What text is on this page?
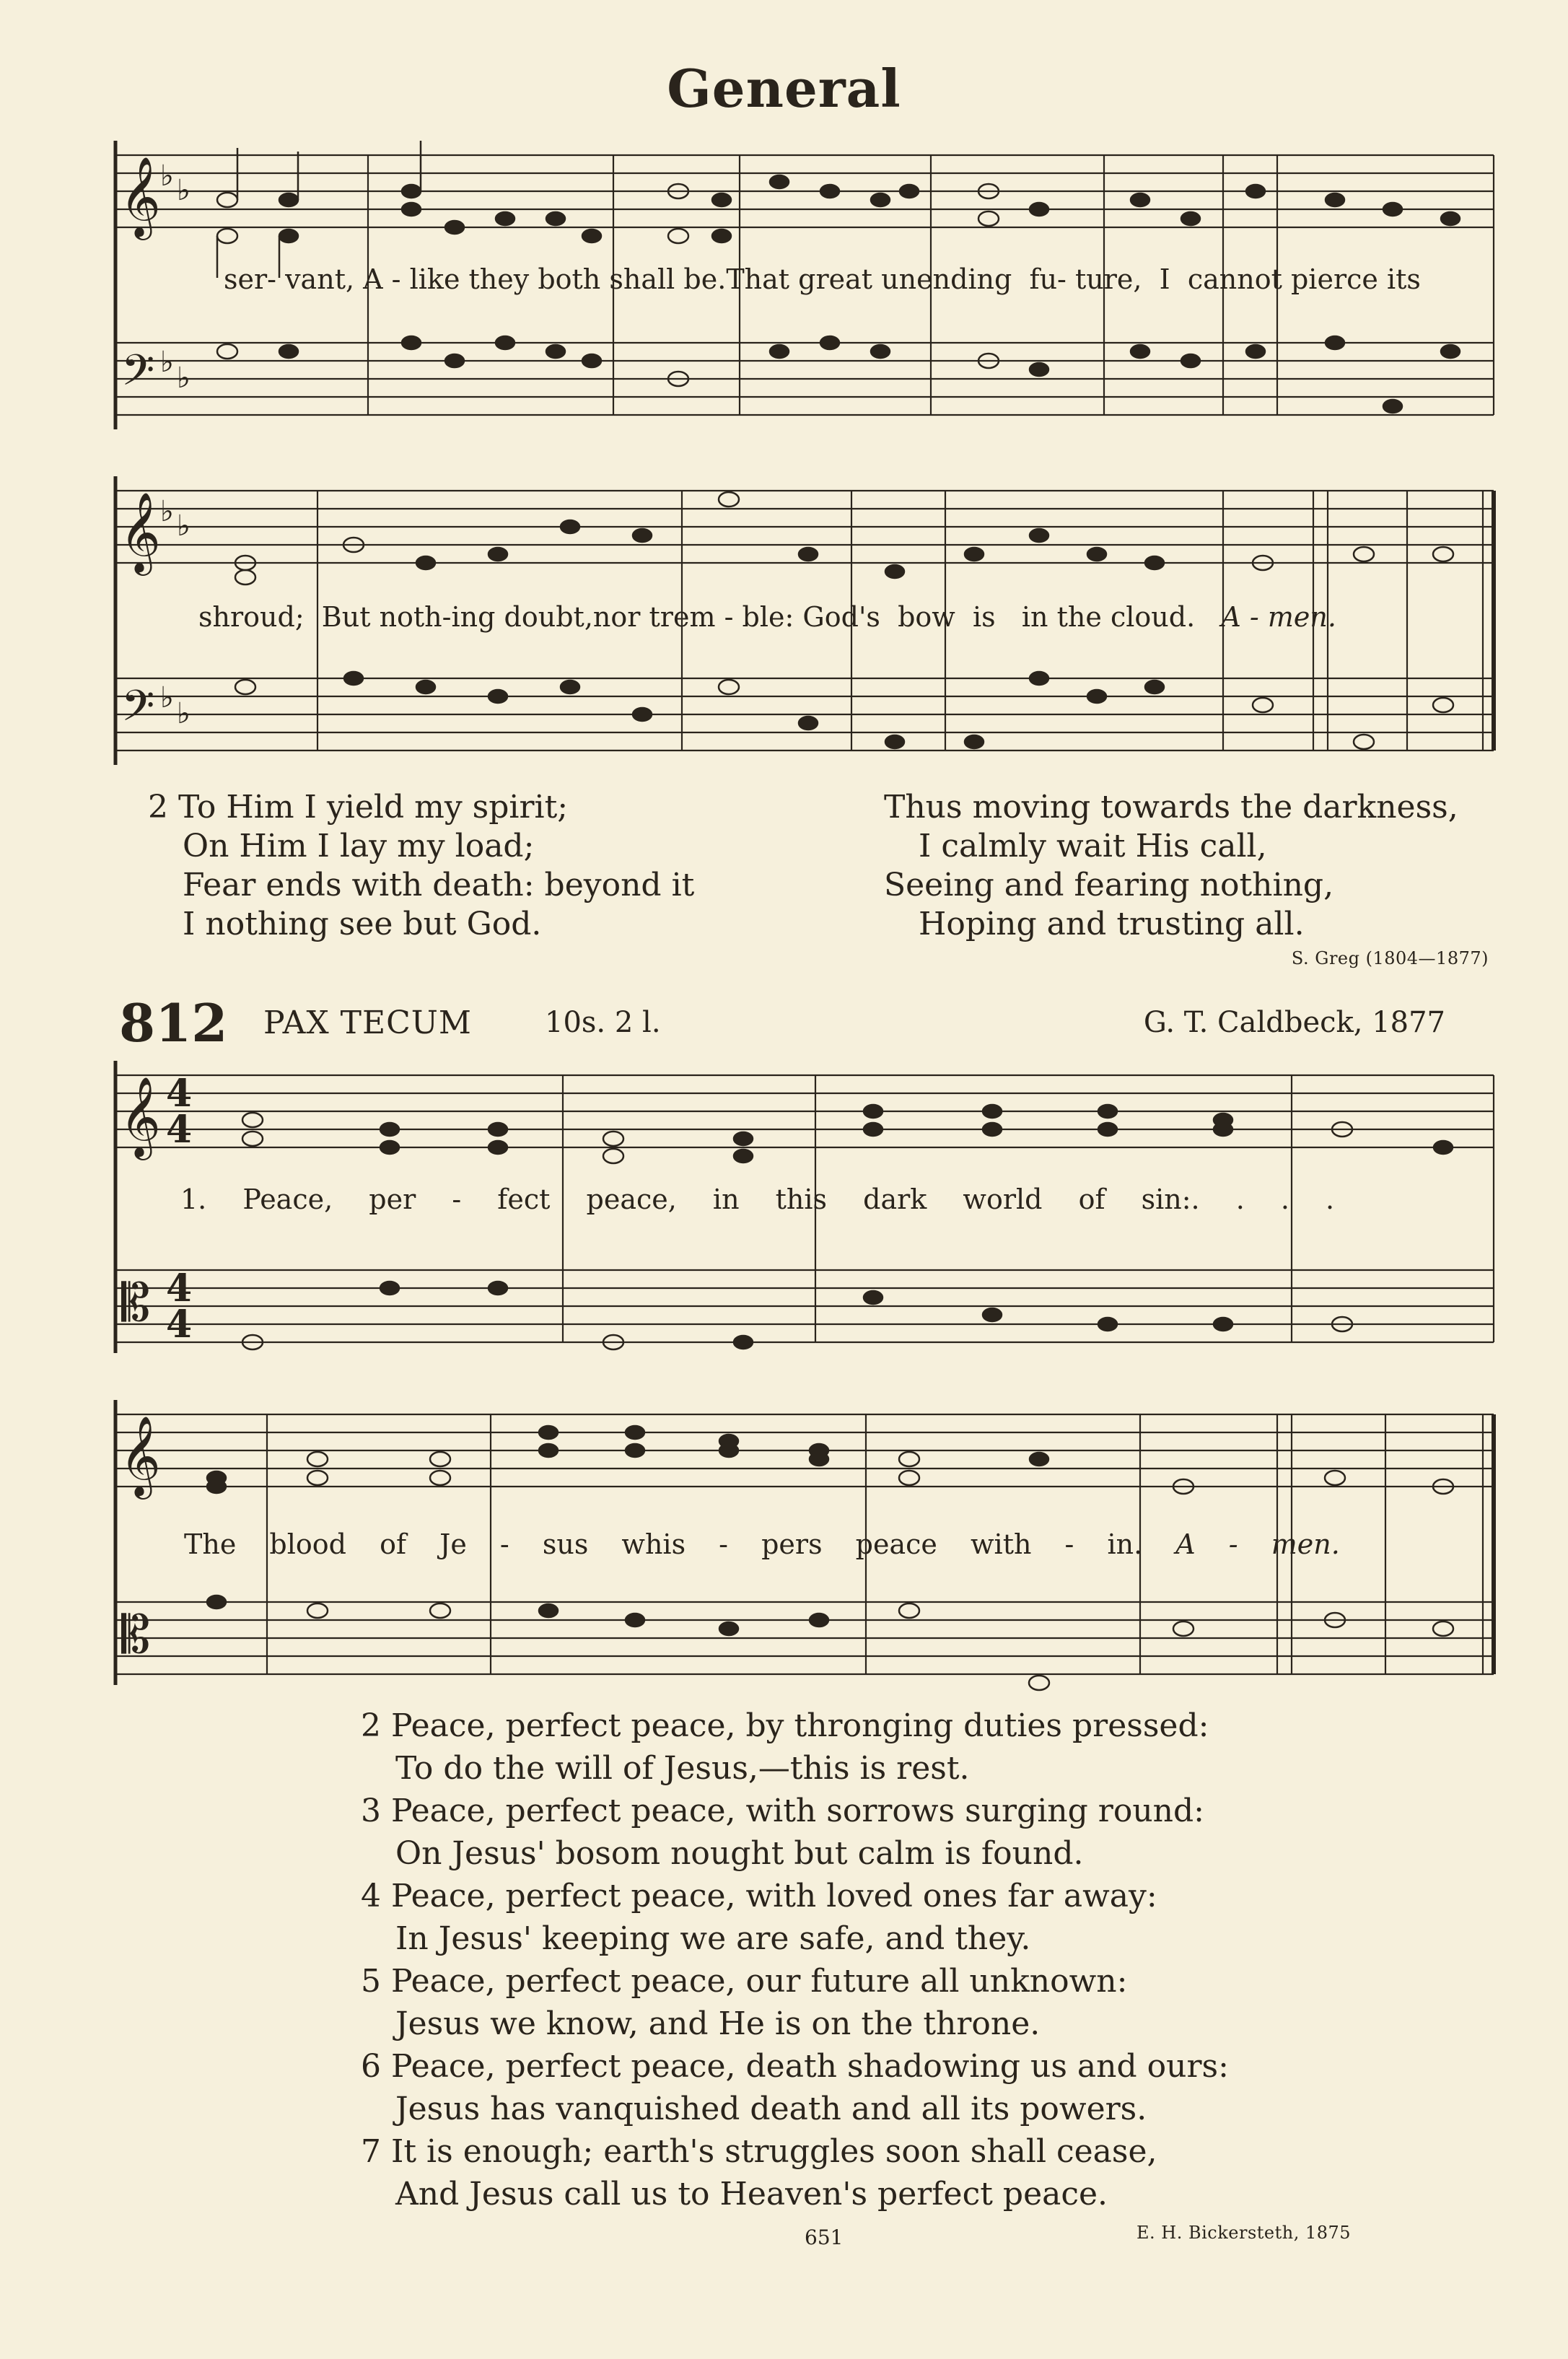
General
𝄞
𝄢
♭ ♭
♭ ♭
ser- vant, A - like they both shall be.That great unending fu- ture, I cannot pierce its
𝄞
𝄢
♭ ♭
♭ ♭
shroud; But noth-ing doubt,nor trem - ble: God's bow is in the cloud. A - men.
2 To Him I yield my spirit;
On Him I lay my load;
Fear ends with death: beyond it
I nothing see but God.
Thus moving towards the darkness,
I calmly wait His call,
Seeing and fearing nothing,
Hoping and trusting all.
S. Greg (1804—1877)
812 PAX TECUM	10s. 2 l.	G. T. Caldbeck, 1877
𝄞
𝄡
4
4
4
4
1. Peace, per - fect peace, in this dark world of sin:. . . .
𝄞
𝄡
The blood of Je - sus whis - pers peace with - in. A - men.
2 Peace, perfect peace, by thronging duties pressed:
To do the will of Jesus,—this is rest.
3 Peace, perfect peace, with sorrows surging round:
On Jesus' bosom nought but calm is found.
4 Peace, perfect peace, with loved ones far away:
In Jesus' keeping we are safe, and they.
5 Peace, perfect peace, our future all unknown:
Jesus we know, and He is on the throne.
6 Peace, perfect peace, death shadowing us and ours:
Jesus has vanquished death and all its powers.
7 It is enough; earth's struggles soon shall cease,
And Jesus call us to Heaven's perfect peace.
651	E. H. Bickersteth, 1875
